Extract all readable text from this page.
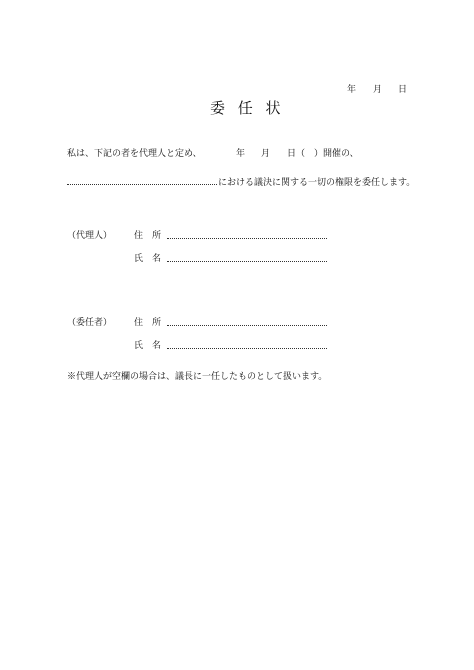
年 月 日
委 任 状
私は、下記の者を代理人と定め、	年 月 日（　）開催の、
における議決に関する一切の権限を委任します。
（代理人） 住　所
氏　名
（委任者） 住　所
氏　名
※代理人が空欄の場合は、議長に一任したものとして扱います。
